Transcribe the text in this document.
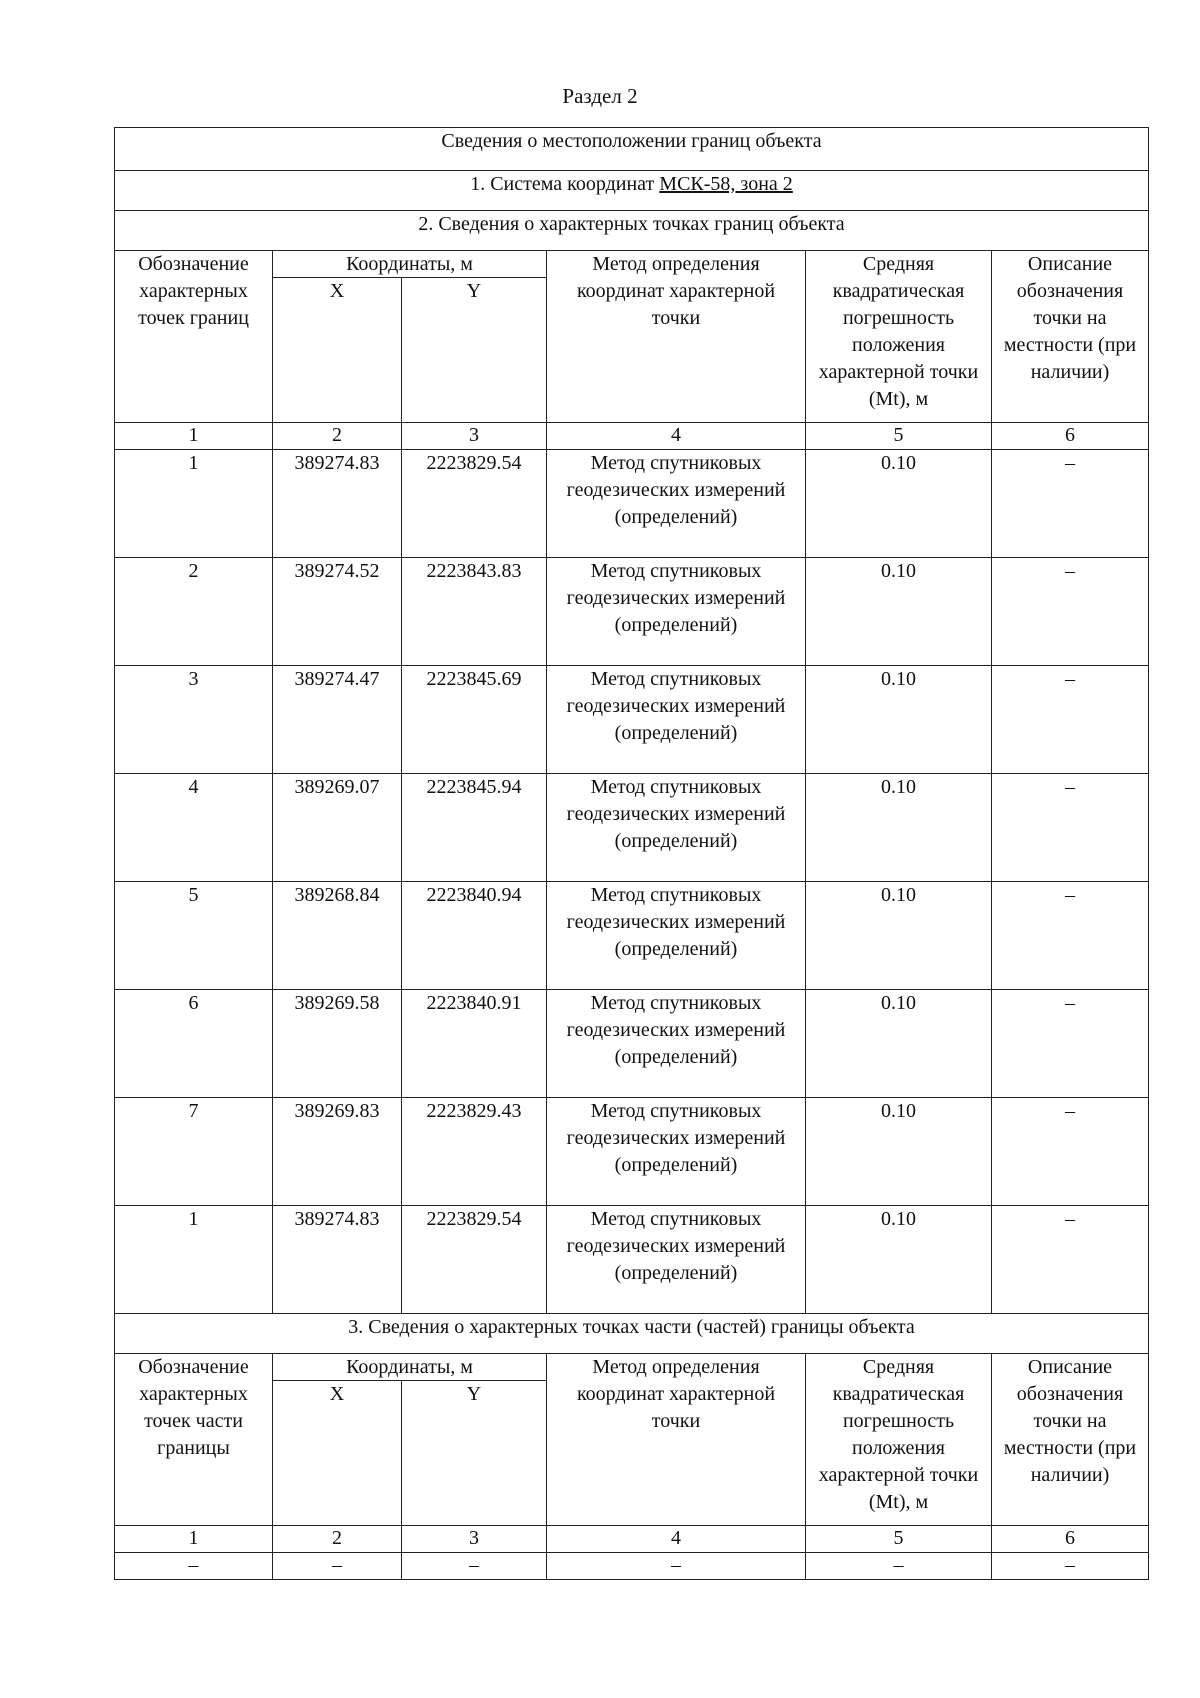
Раздел 2
Сведения о местоположении границ объекта					
1. Система координат МСК-58, зона 2					
2. Сведения о характерных точках границ объекта					
Обозначение характерных точек границ	Координаты, м		Метод определения координат характерной точки	Средняя квадратическая погрешность положения характерной точки (Mt), м	Описание обозначения точки на местности (при наличии)
	X	Y			
1	2	3	4	5	6
1	389274.83	2223829.54	Метод спутниковых геодезических измерений (определений)	0.10	–
2	389274.52	2223843.83	Метод спутниковых геодезических измерений (определений)	0.10	–
3	389274.47	2223845.69	Метод спутниковых геодезических измерений (определений)	0.10	–
4	389269.07	2223845.94	Метод спутниковых геодезических измерений (определений)	0.10	–
5	389268.84	2223840.94	Метод спутниковых геодезических измерений (определений)	0.10	–
6	389269.58	2223840.91	Метод спутниковых геодезических измерений (определений)	0.10	–
7	389269.83	2223829.43	Метод спутниковых геодезических измерений (определений)	0.10	–
1	389274.83	2223829.54	Метод спутниковых геодезических измерений (определений)	0.10	–
3. Сведения о характерных точках части (частей) границы объекта					
Обозначение характерных точек части границы	Координаты, м		Метод определения координат характерной точки	Средняя квадратическая погрешность положения характерной точки (Mt), м	Описание обозначения точки на местности (при наличии)
	X	Y			
1	2	3	4	5	6
–	–	–	–	–	–
